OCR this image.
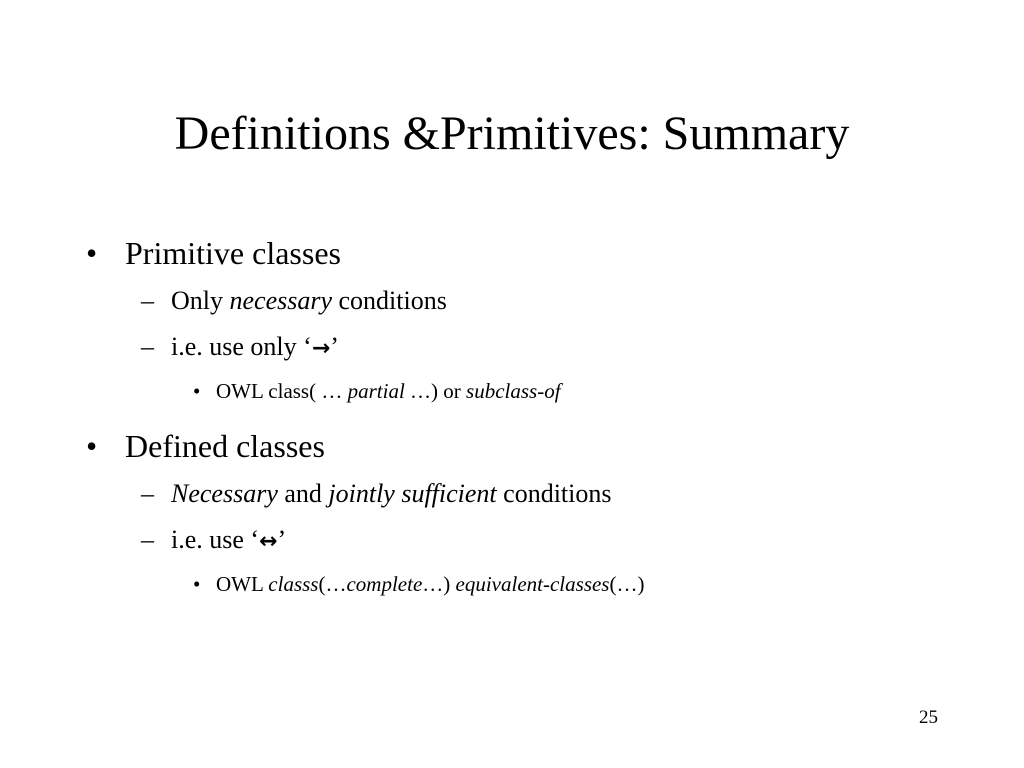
Definitions &Primitives: Summary
• Primitive classes
– Only necessary conditions
– i.e. use only ‘→’
• OWL class( … partial …) or subclass-of
• Defined classes
– Necessary and jointly sufficient conditions
– i.e. use ‘↔’
• OWL classs(…complete…) equivalent-classes(…)
25
